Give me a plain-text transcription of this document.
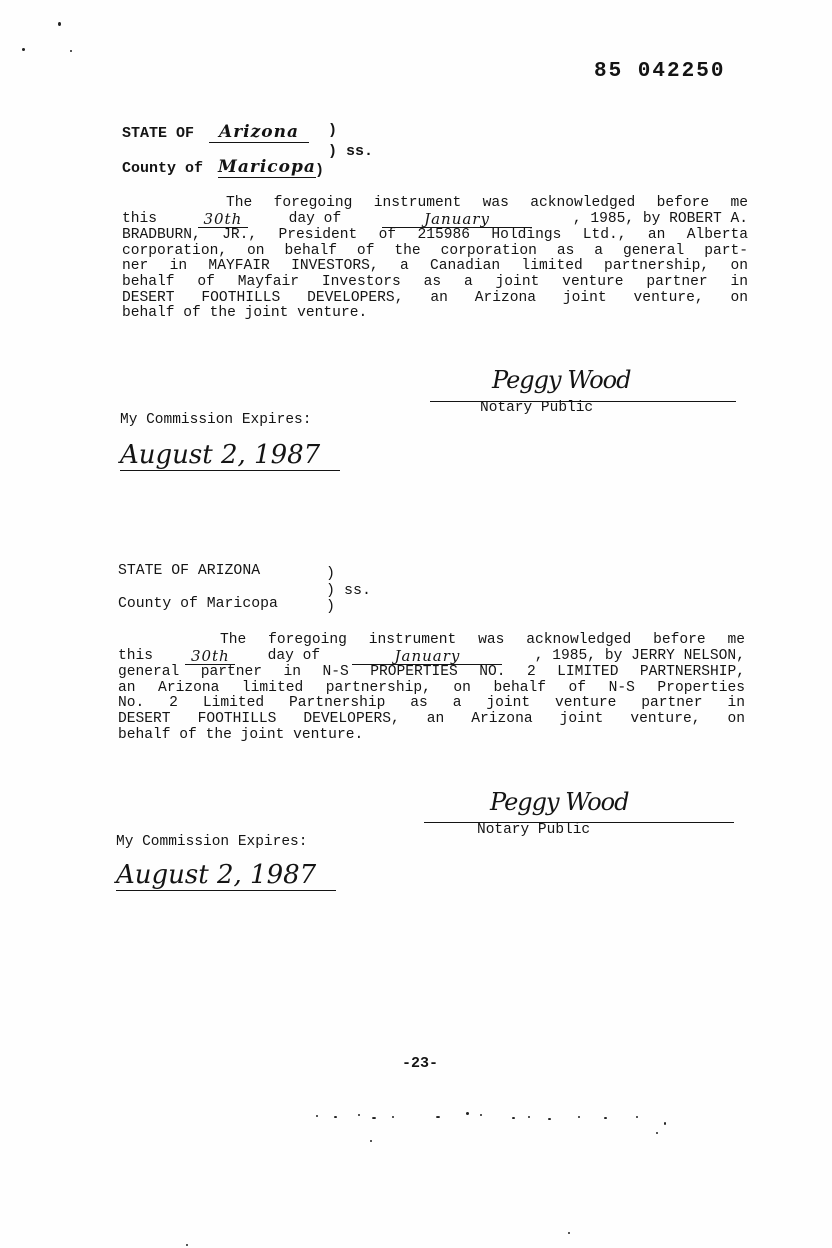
85 042250
STATE OF Arizona	)
) ss.
County of Maricopa )
The foregoing instrument was acknowledged before me
this	30th	day of	January	, 1985, by ROBERT A.
BRADBURN, JR., President of 215986 Holdings Ltd., an Alberta
corporation, on behalf of the corporation as a general part-
ner in MAYFAIR INVESTORS, a Canadian limited partnership, on
behalf of Mayfair Investors as a joint venture partner in
DESERT FOOTHILLS DEVELOPERS, an Arizona joint venture, on
behalf of the joint venture.
Peggy Wood
Notary Public
My Commission Expires:
August 2, 1987
STATE OF ARIZONA	)
) ss.
County of Maricopa	)
The foregoing instrument was acknowledged before me
this	30th	day of	January	, 1985, by JERRY NELSON,
general partner in N-S PROPERTIES NO. 2 LIMITED PARTNERSHIP,
an Arizona limited partnership, on behalf of N-S Properties
No. 2 Limited Partnership as a joint venture partner in
DESERT FOOTHILLS DEVELOPERS, an Arizona joint venture, on
behalf of the joint venture.
Peggy Wood
Notary Public
My Commission Expires:
August 2, 1987
-23-
